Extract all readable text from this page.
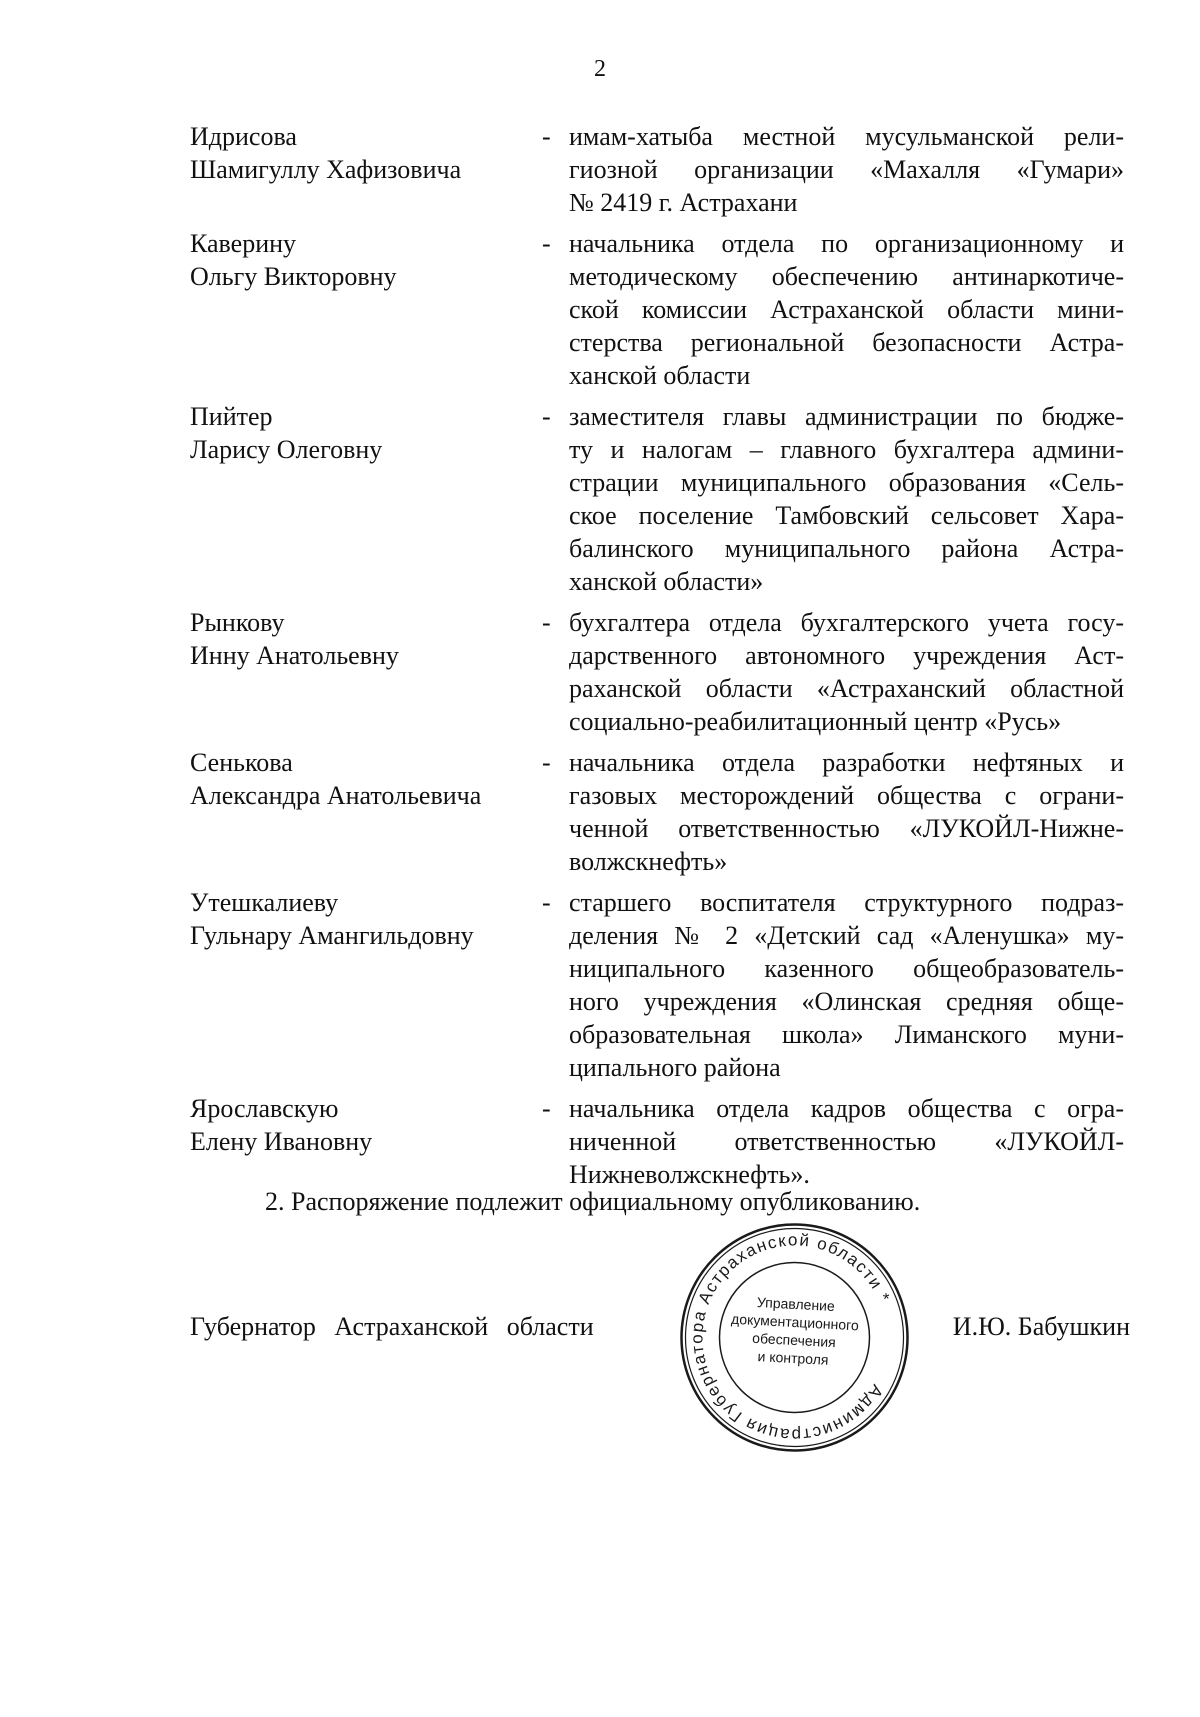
2
Идрисова
Шамигуллу Хафизовича
- имам-хатыба местной мусульманской рели-
гиозной организации «Махалля «Гумари»
№ 2419 г. Астрахани
Каверину
Ольгу Викторовну
- начальника отдела по организационному и
методическому обеспечению антинаркотиче-
ской комиссии Астраханской области мини-
стерства региональной безопасности Астра-
ханской области
Пийтер
Ларису Олеговну
- заместителя главы администрации по бюдже-
ту и налогам – главного бухгалтера админи-
страции муниципального образования «Сель-
ское поселение Тамбовский сельсовет Хара-
балинского муниципального района Астра-
ханской области»
Рынкову
Инну Анатольевну
- бухгалтера отдела бухгалтерского учета госу-
дарственного автономного учреждения Аст-
раханской области «Астраханский областной
социально-реабилитационный центр «Русь»
Сенькова
Александра Анатольевича
- начальника отдела разработки нефтяных и
газовых месторождений общества с ограни-
ченной ответственностью «ЛУКОЙЛ-Нижне-
волжскнефть»
Утешкалиеву
Гульнару Амангильдовну
- старшего воспитателя структурного подраз-
деления № 2 «Детский сад «Аленушка» му-
ниципального казенного общеобразователь-
ного учреждения «Олинская средняя обще-
образовательная школа» Лиманского муни-
ципального района
Ярославскую
Елену Ивановну
- начальника отдела кадров общества с огра-
ниченной ответственностью «ЛУКОЙЛ-
Нижневолжскнефть».
2. Распоряжение подлежит официальному опубликованию.
Губернатор Астраханской области	И.Ю. Бабушкин
Администрация Губернатора Астраханской области *
Управление
документационного
обеспечения
и контроля
